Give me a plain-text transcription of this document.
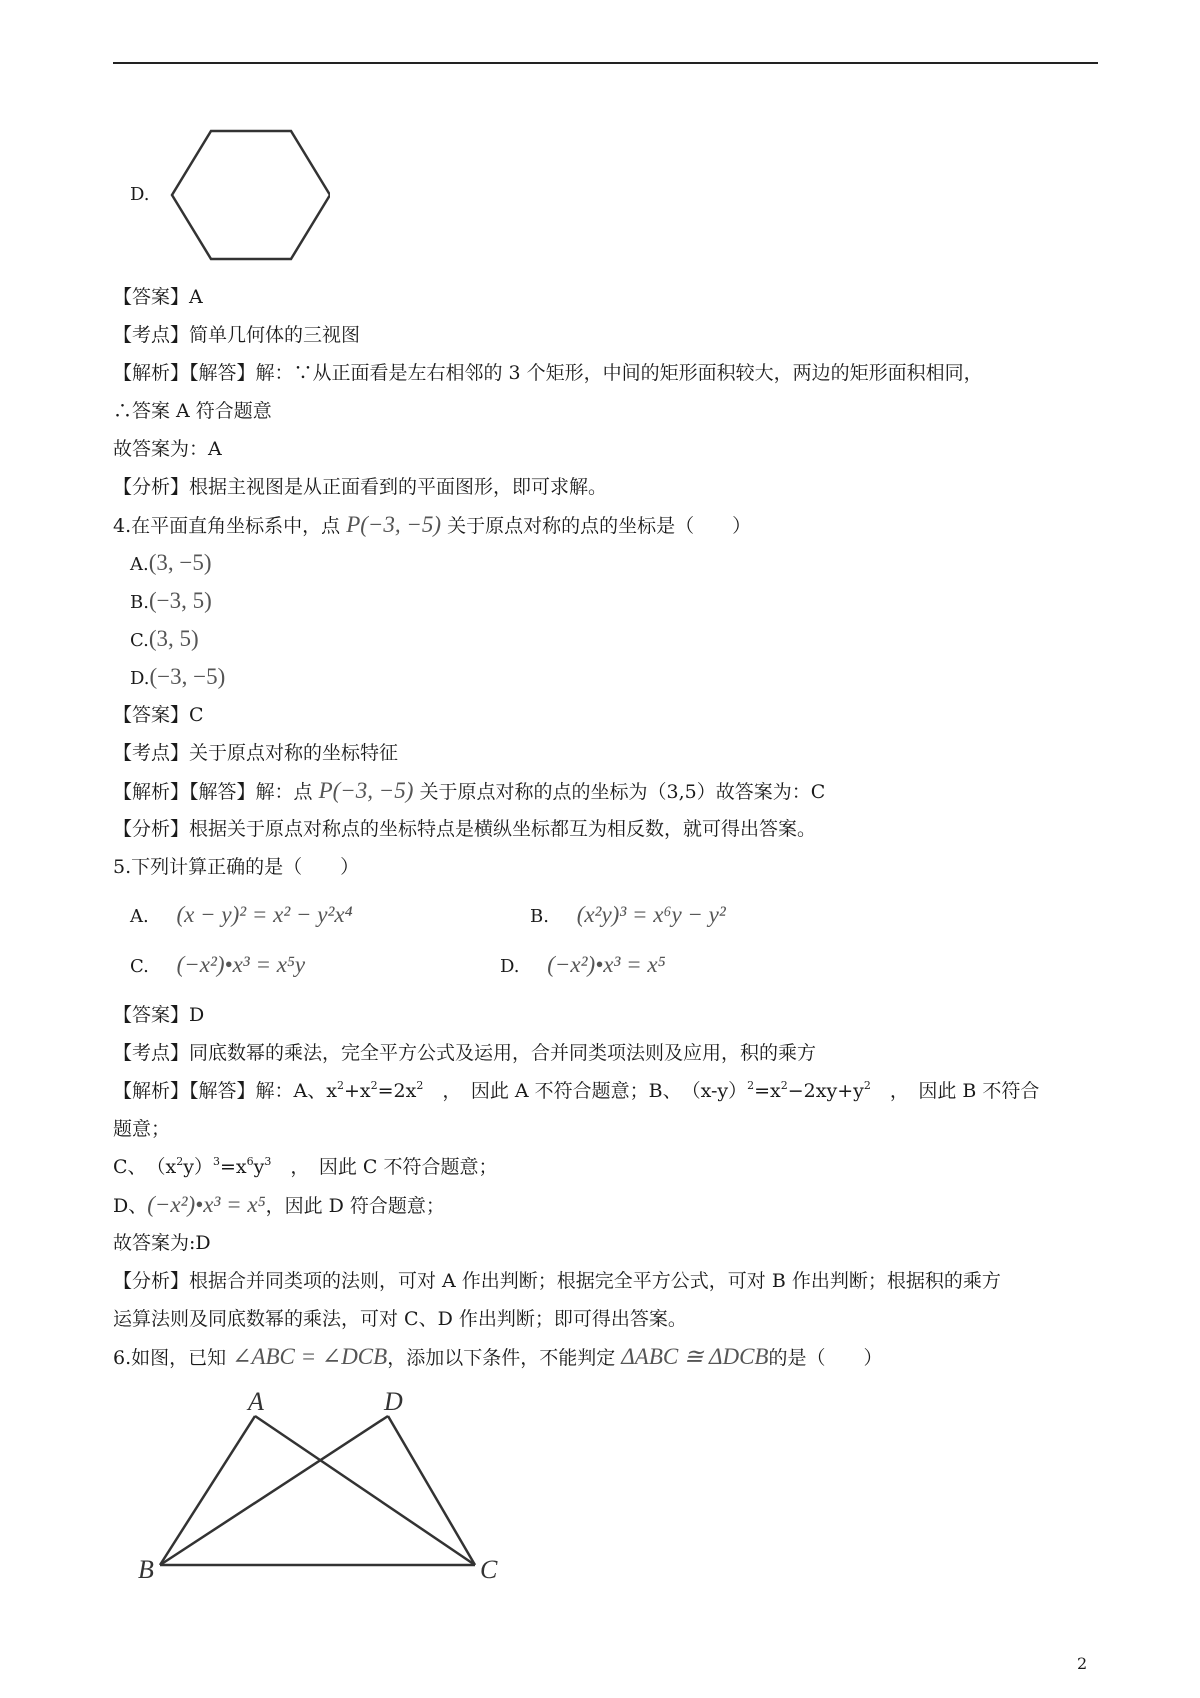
D.
【答案】A
【考点】简单几何体的三视图
【解析】【解答】解：∵从正面看是左右相邻的 3 个矩形，中间的矩形面积较大，两边的矩形面积相同，
∴答案 A 符合题意
故答案为：A
【分析】根据主视图是从正面看到的平面图形，即可求解。
4.在平面直角坐标系中，点 P(−3, −5) 关于原点对称的点的坐标是（　　）
A.(3, −5)
B.(−3, 5)
C.(3, 5)
D.(−3, −5)
【答案】C
【考点】关于原点对称的坐标特征
【解析】【解答】解：点 P(−3, −5) 关于原点对称的点的坐标为（3,5）故答案为：C
【分析】根据关于原点对称点的坐标特点是横纵坐标都互为相反数，就可得出答案。
5.下列计算正确的是（　　）
A. (x − y)² = x² − y²x⁴	B. (x²y)³ = x⁶y − y²
C. (−x²)•x³ = x⁵y	D. (−x²)•x³ = x⁵
【答案】D
【考点】同底数幂的乘法，完全平方公式及运用，合并同类项法则及应用，积的乘方
【解析】【解答】解：A、$x^2+x^2=2x^2$　，　因此 A 不符合题意；B、　$(x-y)^2=x^2-2xy+y^2$　，　因此 B 不符合
题意；
C、　$(x^2y)^3=x^6y^3$　，　因此 C 不符合题意；
D、(−x²)•x³ = x⁵，因此 D 符合题意；
故答案为:D
【分析】根据合并同类项的法则，可对 A 作出判断；根据完全平方公式，可对 B 作出判断；根据积的乘方
运算法则及同底数幂的乘法，可对 C、D 作出判断；即可得出答案。
6.如图，已知 ∠ABC = ∠DCB，添加以下条件，不能判定 ΔABC ≅ ΔDCB的是（　　）
A	D
B	C
2
